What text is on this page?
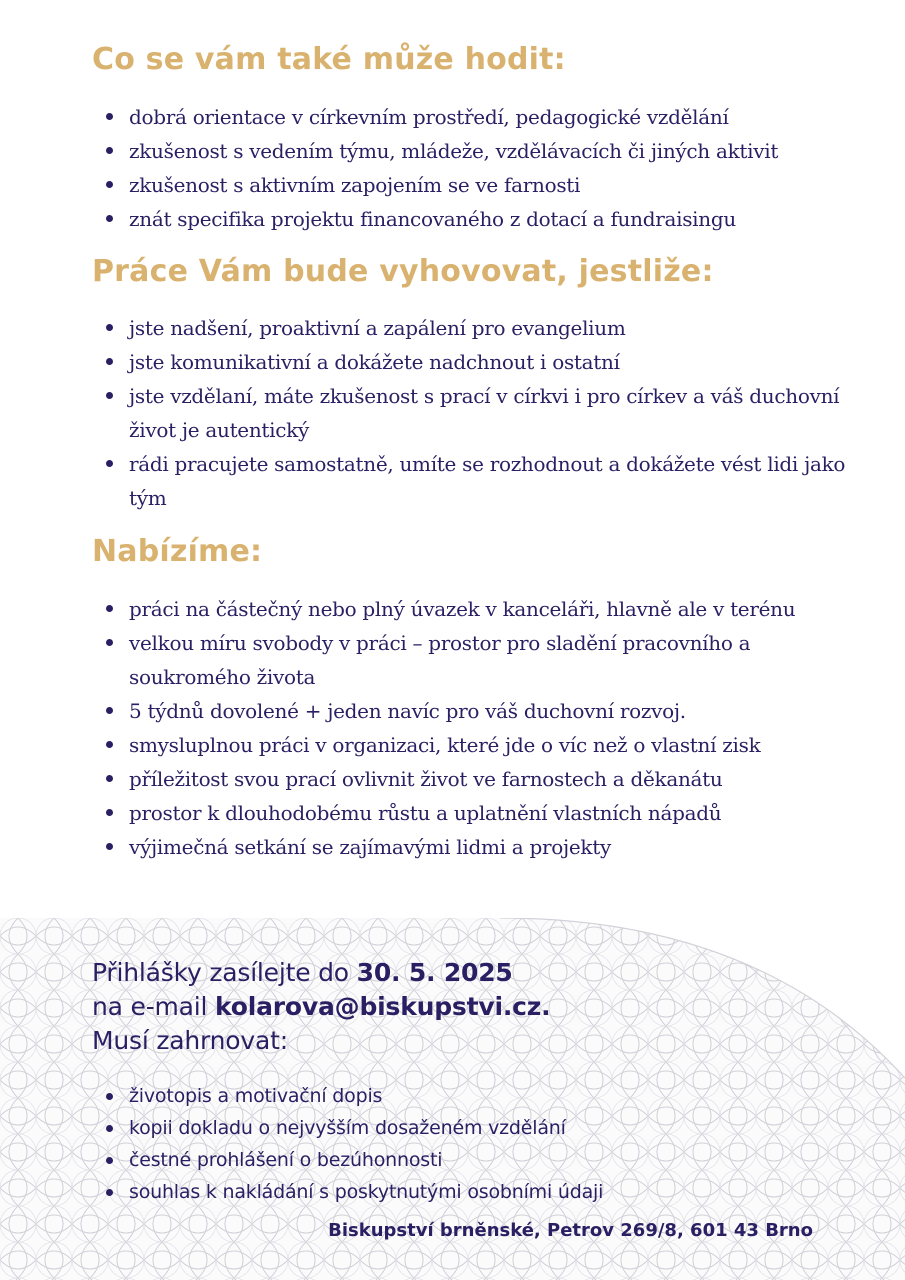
Co se vám také může hodit:
dobrá orientace v církevním prostředí, pedagogické vzdělání
zkušenost s vedením týmu, mládeže, vzdělávacích či jiných aktivit
zkušenost s aktivním zapojením se ve farnosti
znát specifika projektu financovaného z dotací a fundraisingu
Práce Vám bude vyhovovat, jestliže:
jste nadšení, proaktivní a zapálení pro evangelium
jste komunikativní a dokážete nadchnout i ostatní
jste vzdělaní, máte zkušenost s prací v církvi i pro církev a váš duchovní život je autentický
rádi pracujete samostatně, umíte se rozhodnout a dokážete vést lidi jako tým
Nabízíme:
práci na částečný nebo plný úvazek v kanceláři, hlavně ale v terénu
velkou míru svobody v práci – prostor pro sladění pracovního a soukromého života
5 týdnů dovolené + jeden navíc pro váš duchovní rozvoj.
smysluplnou práci v organizaci, které jde o víc než o vlastní zisk
příležitost svou prací ovlivnit život ve farnostech a děkanátu
prostor k dlouhodobému růstu a uplatnění vlastních nápadů
výjimečná setkání se zajímavými lidmi a projekty

Přihlášky zasílejte do 30. 5. 2025
na e-mail kolarova@biskupstvi.cz.
Musí zahrnovat:

životopis a motivační dopis
kopii dokladu o nejvyšším dosaženém vzdělání
čestné prohlášení o bezúhonnosti
souhlas k nakládání s poskytnutými osobními údaji

Biskupství brněnské, Petrov 269/8, 601 43 Brno
